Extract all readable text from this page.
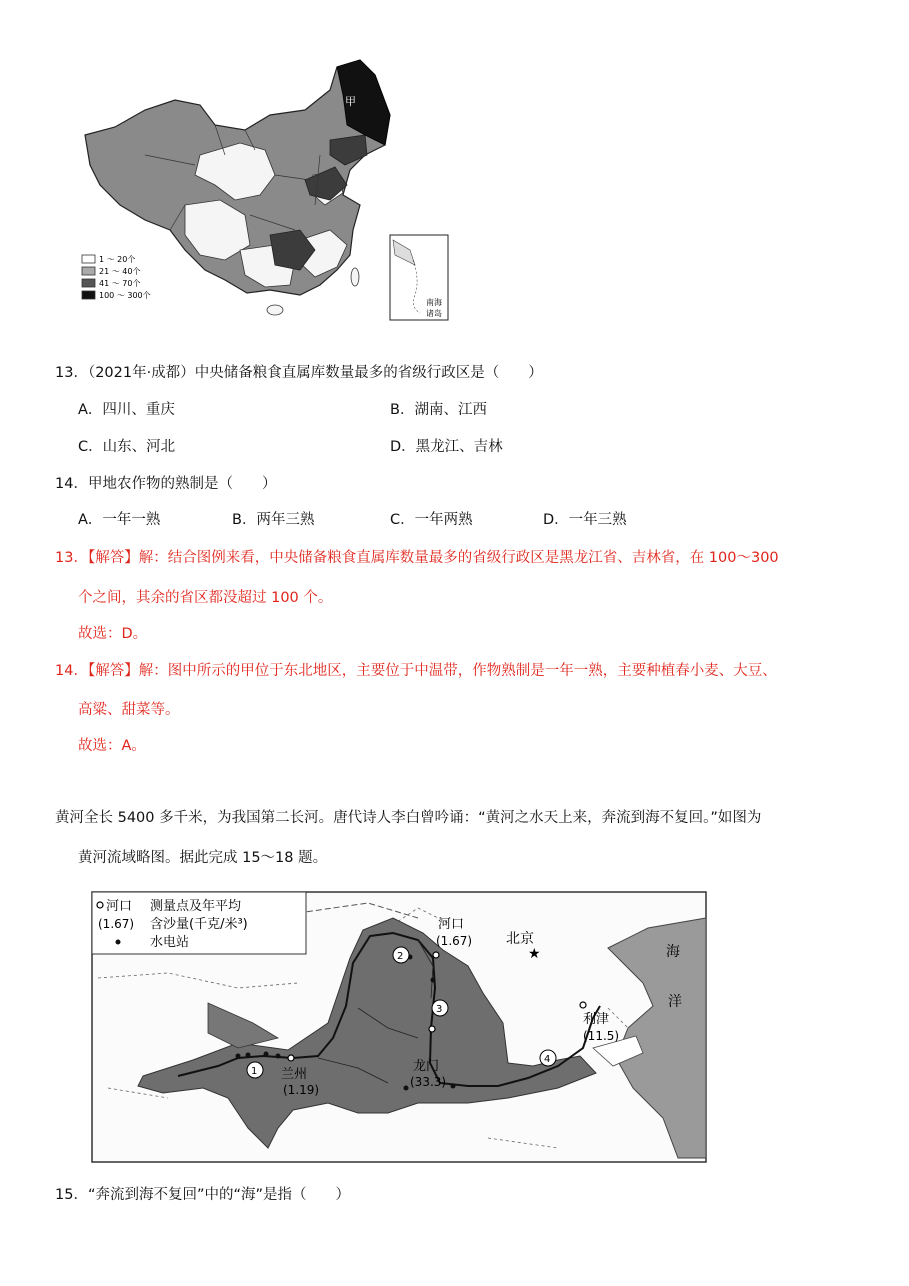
甲
1 ～ 20个
21 ～ 40个
41 ～ 70个
100 ～ 300个
南海
诸岛
13．（2021年·成都）中央储备粮食直属库数量最多的省级行政区是（　　）
A．四川、重庆	B．湖南、江西
C．山东、河北	D．黑龙江、吉林
14．甲地农作物的熟制是（　　）
A．一年一熟	B．两年三熟	C．一年两熟	D．一年三熟
13．【解答】解：结合图例来看，中央储备粮食直属库数量最多的省级行政区是黑龙江省、吉林省，在 100～300
个之间，其余的省区都没超过 100 个。
故选：D。
14．【解答】解：图中所示的甲位于东北地区，主要位于中温带，作物熟制是一年一熟，主要种植春小麦、大豆、
高粱、甜菜等。
故选：A。
黄河全长 5400 多千米，为我国第二长河。唐代诗人李白曾吟诵：“黄河之水天上来，奔流到海不复回。”如图为
黄河流域略图。据此完成 15～18 题。
1
2
3
4
河口
(1.67) 北京
★
利津
(11.5)
龙门
(33.3)
兰州
(1.19)
海
洋
河口
(1.67)
测量点及年平均
含沙量(千克/米³)
水电站
15．“奔流到海不复回”中的“海”是指（　　）
